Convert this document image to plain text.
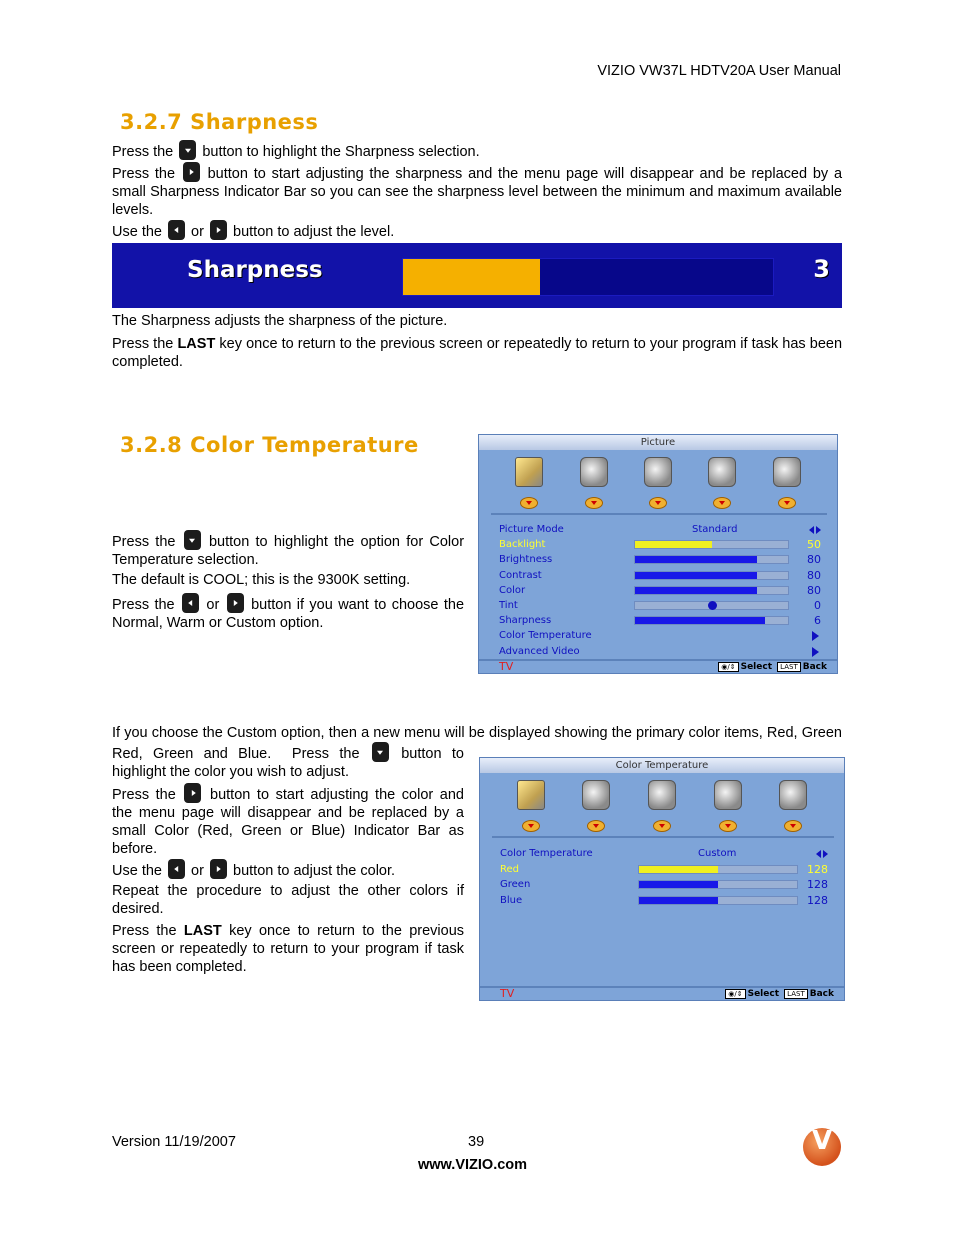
VIZIO VW37L HDTV20A User Manual
3.2.7 Sharpness
Press the button to highlight the Sharpness selection.
Press the button to start adjusting the sharpness and the menu page will disappear and be replaced by a small Sharpness Indicator Bar so you can see the sharpness level between the minimum and maximum available levels.
Use the or button to adjust the level.
Sharpness	3
The Sharpness adjusts the sharpness of the picture.
Press the LAST key once to return to the previous screen or repeatedly to return to your program if task has been completed.
3.2.8 Color Temperature
Press the button to highlight the option for Color Temperature selection.
The default is COOL; this is the 9300K setting.
Press the or button if you want to choose the Normal, Warm or Custom option.
Picture
Picture Mode	Standard
Backlight	50
Brightness	80
Contrast	80
Color	80
Tint	0
Sharpness	6
Color Temperature
Advanced Video
TV	◉/⇕ Select LAST Back
If you choose the Custom option, then a new menu will be displayed showing the primary color items, Red, Green
Red, Green and Blue.  Press the	button to highlight the color you wish to adjust.
Press the button to start adjusting the color and the menu page will disappear and be replaced by a small Color (Red, Green or Blue) Indicator Bar as before.
Use the or button to adjust the color.
Repeat the procedure to adjust the other colors if desired.
Press the LAST key once to return to the previous screen or repeatedly to return to your program if task has been completed.
Color Temperature
Color Temperature	Custom
Red	128
Green	128
Blue	128
TV	◉/⇕ Select LAST Back
Version 11/19/2007	39
www.VIZIO.com
V
